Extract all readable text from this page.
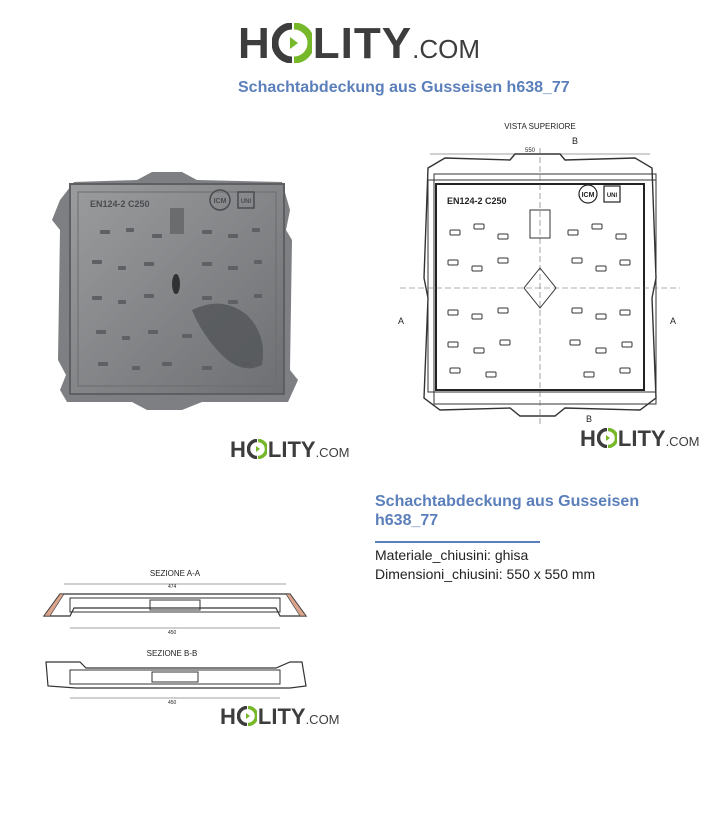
H LITY .COM
Schachtabdeckung aus Gusseisen h638_77
EN124-2 C250	ICM UNI
H LITY .COM
VISTA SUPERIORE
550
EN124-2 C250
ICM UNI
A	A
B
B
H LITY .COM
Schachtabdeckung aus Gusseisen h638_77
Materiale_chiusini: ghisa
Dimensioni_chiusini: 550 x 550 mm
SEZIONE A-A
474
450
SEZIONE B-B
450
H LITY .COM
